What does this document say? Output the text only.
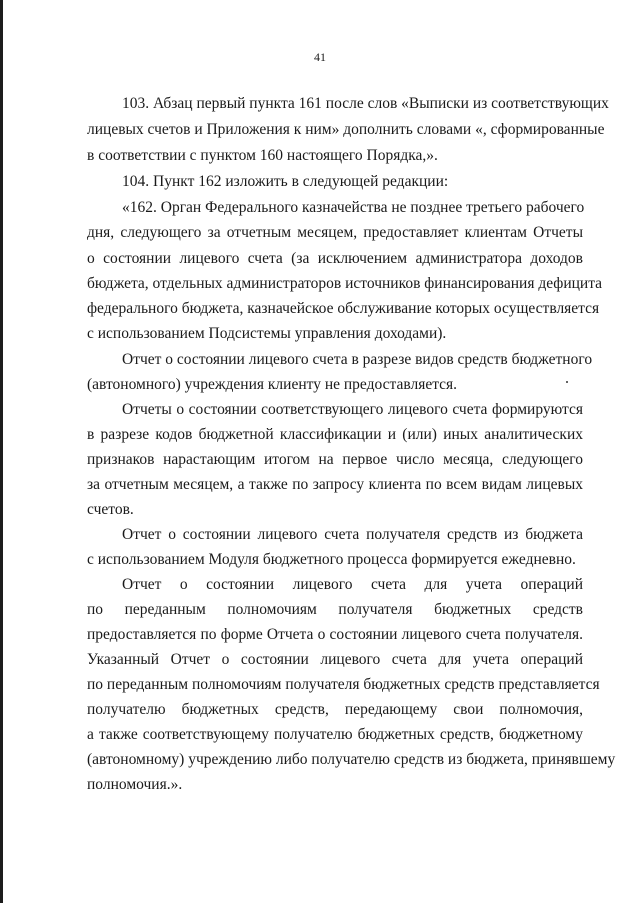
41
103. Абзац первый пункта 161 после слов «Выписки из соответствующих
лицевых счетов и Приложения к ним» дополнить словами «, сформированные
в соответствии с пунктом 160 настоящего Порядка,».
104. Пункт 162 изложить в следующей редакции:
«162. Орган Федерального казначейства не позднее третьего рабочего
дня, следующего за отчетным месяцем, предоставляет клиентам Отчеты
о состоянии лицевого счета (за исключением администратора доходов
бюджета, отдельных администраторов источников финансирования дефицита
федерального бюджета, казначейское обслуживание которых осуществляется
с использованием Подсистемы управления доходами).
Отчет о состоянии лицевого счета в разрезе видов средств бюджетного
(автономного) учреждения клиенту не предоставляется.
Отчеты о состоянии соответствующего лицевого счета формируются
в разрезе кодов бюджетной классификации и (или) иных аналитических
признаков нарастающим итогом на первое число месяца, следующего
за отчетным месяцем, а также по запросу клиента по всем видам лицевых
счетов.
Отчет о состоянии лицевого счета получателя средств из бюджета
с использованием Модуля бюджетного процесса формируется ежедневно.
Отчет о состоянии лицевого счета для учета операций
по переданным полномочиям получателя бюджетных средств
предоставляется по форме Отчета о состоянии лицевого счета получателя.
Указанный Отчет о состоянии лицевого счета для учета операций
по переданным полномочиям получателя бюджетных средств представляется
получателю бюджетных средств, передающему свои полномочия,
а также соответствующему получателю бюджетных средств, бюджетному
(автономному) учреждению либо получателю средств из бюджета, принявшему
полномочия.».
